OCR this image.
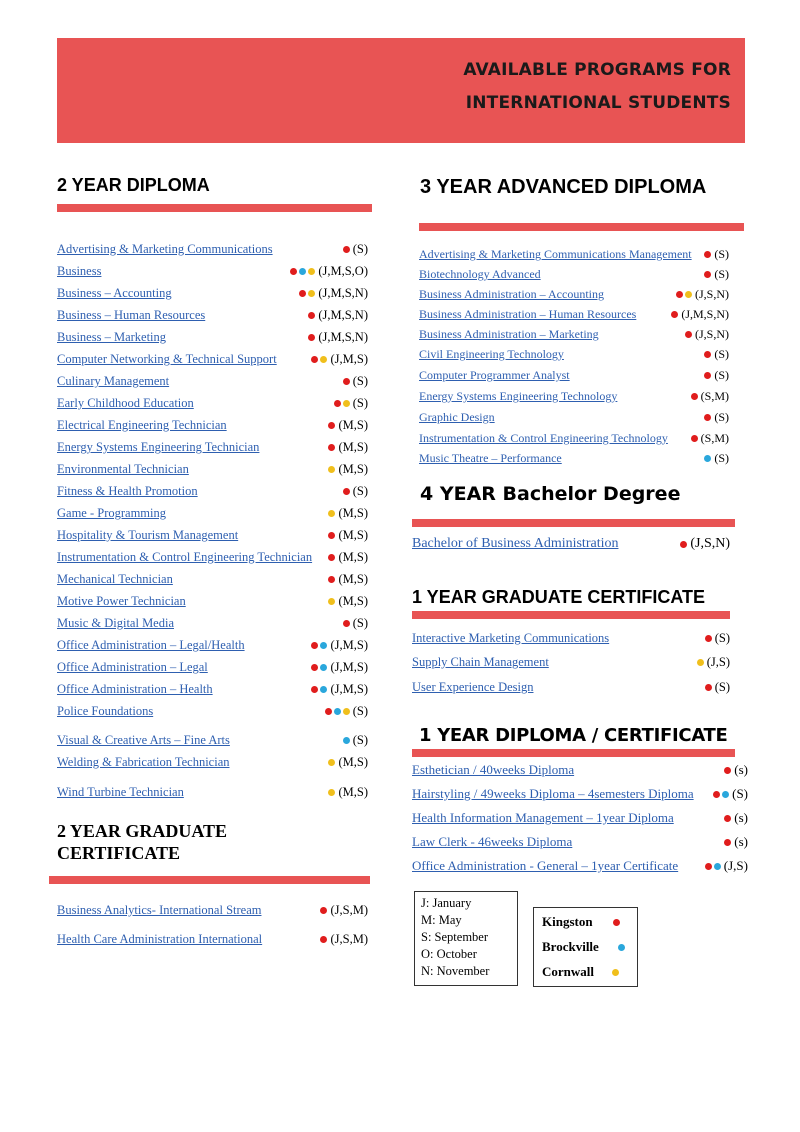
AVAILABLE PROGRAMS FOR
INTERNATIONAL STUDENTS
2 YEAR DIPLOMA
Advertising & Marketing Communications	(S)
Business	(J,M,S,O)
Business – Accounting	(J,M,S,N)
Business – Human Resources	(J,M,S,N)
Business – Marketing	(J,M,S,N)
Computer Networking & Technical Support	(J,M,S)
Culinary Management	(S)
Early Childhood Education	(S)
Electrical Engineering Technician	(M,S)
Energy Systems Engineering Technician	(M,S)
Environmental Technician	(M,S)
Fitness & Health Promotion	(S)
Game - Programming	(M,S)
Hospitality & Tourism Management	(M,S)
Instrumentation & Control Engineering Technician (M,S)
Mechanical Technician	(M,S)
Motive Power Technician	(M,S)
Music & Digital Media	(S)
Office Administration – Legal/Health	(J,M,S)
Office Administration – Legal	(J,M,S)
Office Administration – Health	(J,M,S)
Police Foundations	(S)
Visual & Creative Arts – Fine Arts	(S)
Welding & Fabrication Technician	(M,S)
Wind Turbine Technician	(M,S)
2 YEAR GRADUATE
CERTIFICATE
Business Analytics- International Stream	(J,S,M)
Health Care Administration International	(J,S,M)
3 YEAR ADVANCED DIPLOMA
Advertising & Marketing Communications Management (S)
Biotechnology Advanced	(S)
Business Administration – Accounting	(J,S,N)
Business Administration – Human Resources	(J,M,S,N)
Business Administration – Marketing	(J,S,N)
Civil Engineering Technology	(S)
Computer Programmer Analyst	(S)
Energy Systems Engineering Technology	(S,M)
Graphic Design	(S)
Instrumentation & Control Engineering Technology	(S,M)
Music Theatre – Performance	(S)
4 YEAR Bachelor Degree
Bachelor of Business Administration	(J,S,N)
1 YEAR GRADUATE CERTIFICATE
Interactive Marketing Communications	(S)
Supply Chain Management	(J,S)
User Experience Design	(S)
1 YEAR DIPLOMA / CERTIFICATE
Esthetician / 40weeks Diploma	(s)
Hairstyling / 49weeks Diploma – 4semesters Diploma	(S)
Health Information Management – 1year Diploma	(s)
Law Clerk - 46weeks Diploma	(s)
Office Administration - General – 1year Certificate	(J,S)
J: January
M: May
S: September
O: October
N: November
Kingston
Brockville
Cornwall
